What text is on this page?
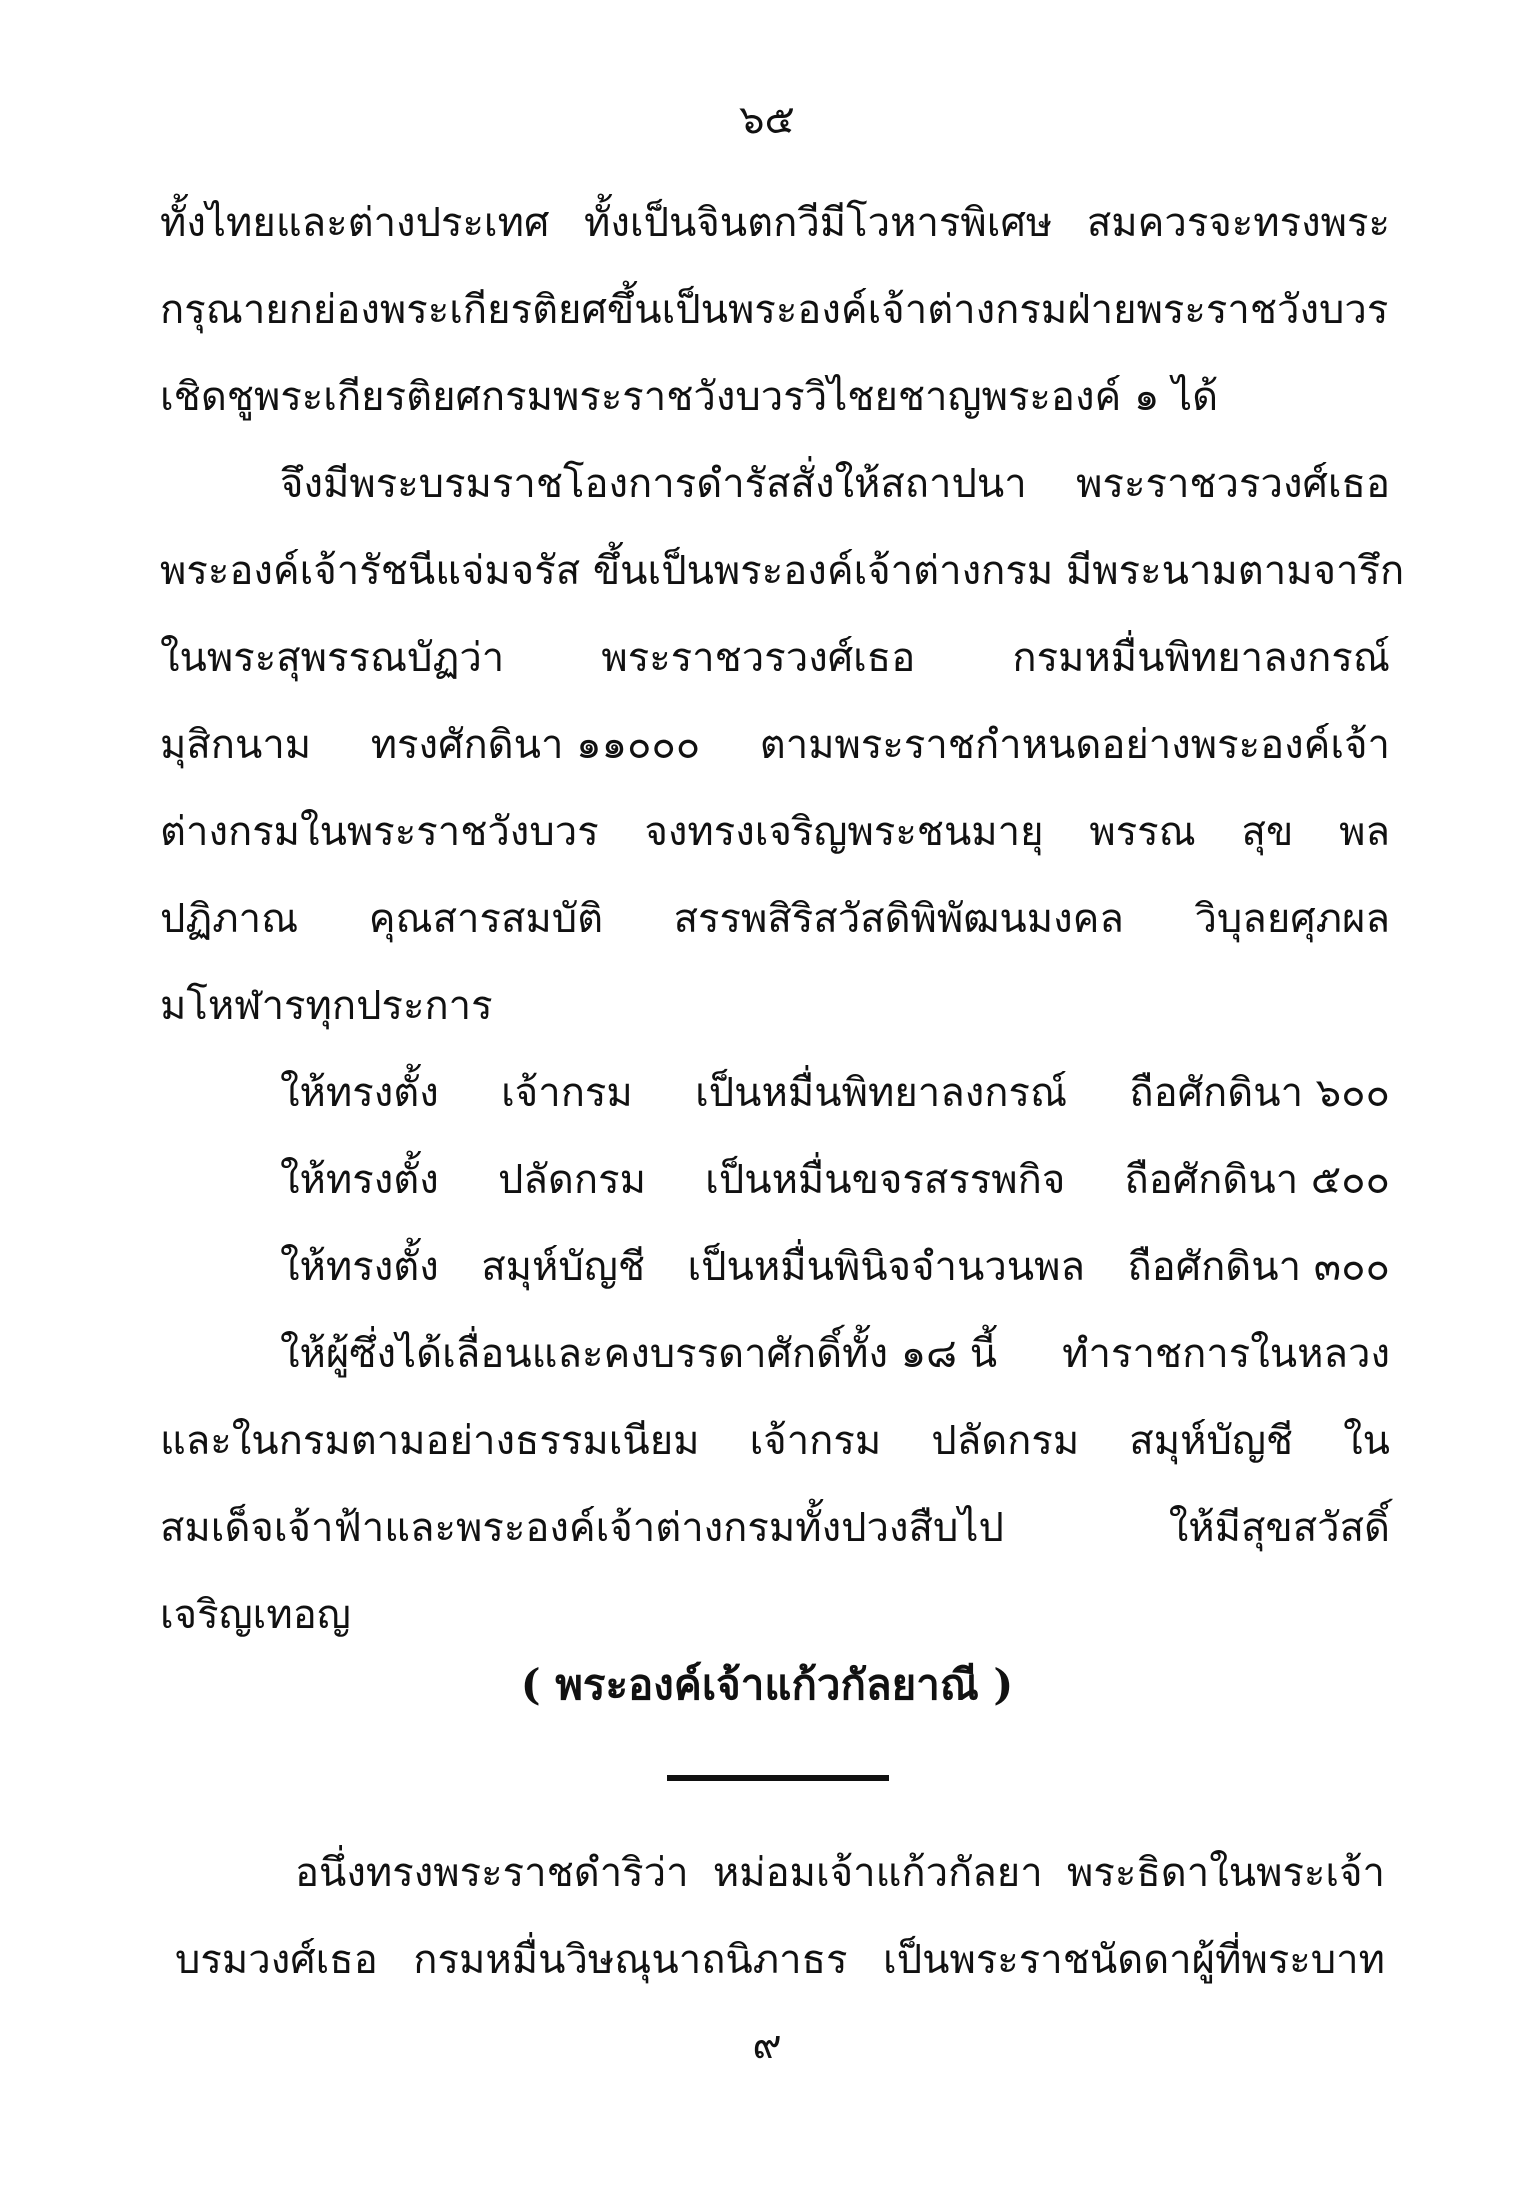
๖๕
ทั้งไทยและต่างประเทศ ทั้งเป็นจินตกวีมีโวหารพิเศษ สมควรจะทรงพระ
กรุณายกย่องพระเกียรติยศขึ้นเป็นพระองค์เจ้าต่างกรมฝ่ายพระราชวังบวร
เชิดชูพระเกียรติยศกรมพระราชวังบวรวิไชยชาญพระองค์ ๑ ได้
จึงมีพระบรมราชโองการดำรัสสั่งให้สถาปนา พระราชวรวงศ์เธอ
พระองค์เจ้ารัชนีแจ่มจรัส ขึ้นเป็นพระองค์เจ้าต่างกรม มีพระนามตามจารึก
ในพระสุพรรณบัฏว่า พระราชวรวงศ์เธอ กรมหมื่นพิทยาลงกรณ์
มุสิกนาม ทรงศักดินา ๑๑๐๐๐ ตามพระราชกำหนดอย่างพระองค์เจ้า
ต่างกรมในพระราชวังบวร จงทรงเจริญพระชนมายุ พรรณ สุข พล
ปฏิภาณ คุณสารสมบัติ สรรพสิริสวัสดิพิพัฒนมงคล วิบุลยศุภผล
มโหฬารทุกประการ
ให้ทรงตั้ง เจ้ากรม เป็นหมื่นพิทยาลงกรณ์ ถือศักดินา ๖๐๐
ให้ทรงตั้ง ปลัดกรม เป็นหมื่นขจรสรรพกิจ ถือศักดินา ๕๐๐
ให้ทรงตั้ง สมุห์บัญชี เป็นหมื่นพินิจจำนวนพล ถือศักดินา ๓๐๐
ให้ผู้ซึ่งได้เลื่อนและคงบรรดาศักดิ์ทั้ง ๑๘ นี้ ทำราชการในหลวง
และในกรมตามอย่างธรรมเนียม เจ้ากรม ปลัดกรม สมุห์บัญชี ใน
สมเด็จเจ้าฟ้าและพระองค์เจ้าต่างกรมทั้งปวงสืบไป	ให้มีสุขสวัสดิ์
เจริญเทอญ
( พระองค์เจ้าแก้วกัลยาณี )
อนึ่งทรงพระราชดำริว่า หม่อมเจ้าแก้วกัลยา พระธิดาในพระเจ้า
บรมวงศ์เธอ กรมหมื่นวิษณุนาถนิภาธร เป็นพระราชนัดดาผู้ที่พระบาท
๙
